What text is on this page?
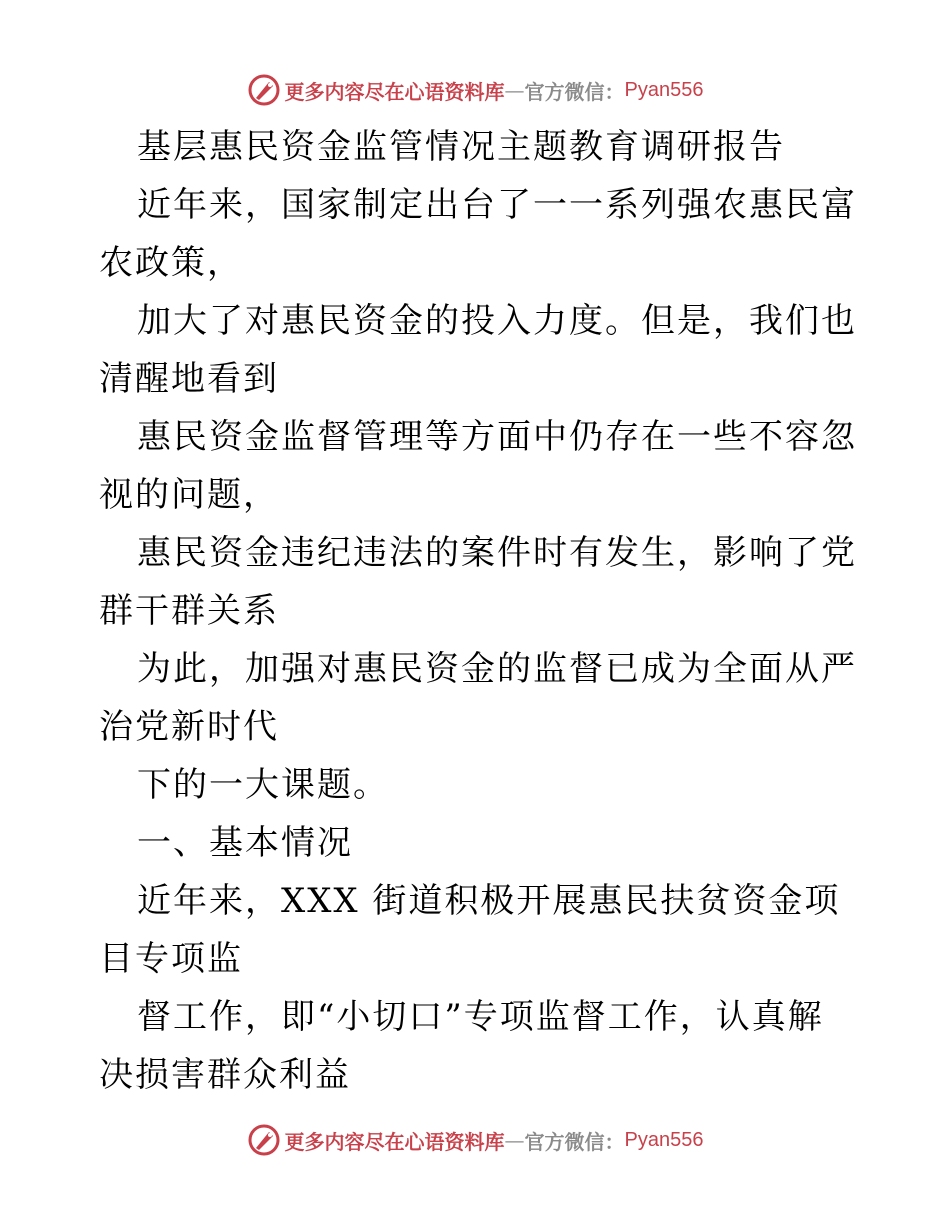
更多内容尽在心语资料库 — 官方微信： Pyan556

基层惠民资金监管情况主题教育调研报告

近年来，国家制定出台了一一系列强农惠民富农政策，

加大了对惠民资金的投入力度。但是，我们也清醒地看到

惠民资金监督管理等方面中仍存在一些不容忽视的问题，

惠民资金违纪违法的案件时有发生，影响了党群干群关系

为此，加强对惠民资金的监督已成为全面从严治党新时代

下的一大课题。

一、基本情况

近年来，XXX 街道积极开展惠民扶贫资金项目专项监

督工作，即“小切口”专项监督工作，认真解决损害群众利益

更多内容尽在心语资料库 — 官方微信： Pyan556
